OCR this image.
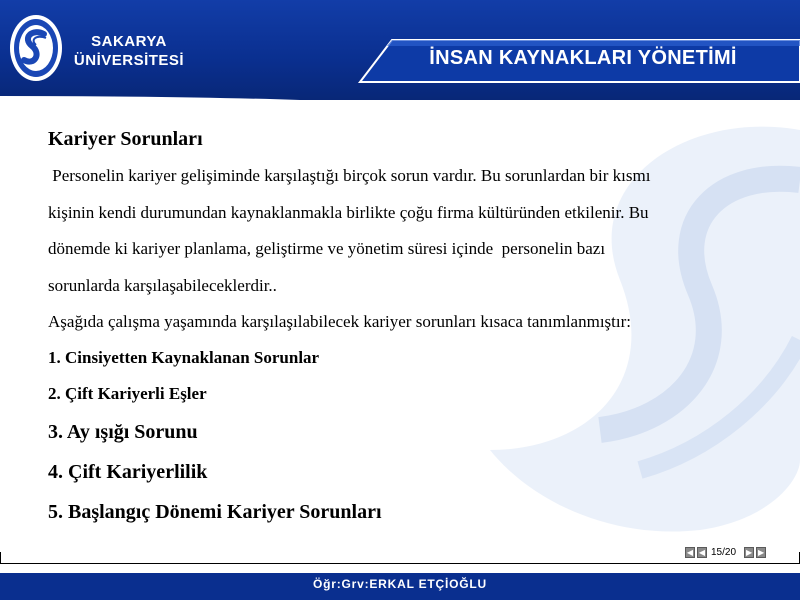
SAKARYA
ÜNİVERSİTESİ	İNSAN KAYNAKLARI YÖNETİMİ
Kariyer Sorunları

Personelin kariyer gelişiminde karşılaştığı birçok sorun vardır. Bu sorunlardan bir kısmı
kişinin kendi durumundan kaynaklanmakla birlikte çoğu firma kültüründen etkilenir. Bu
dönemde ki kariyer planlama, geliştirme ve yönetim süresi içinde  personelin bazı
sorunlarda karşılaşabileceklerdir..

Aşağıda çalışma yaşamında karşılaşılabilecek kariyer sorunları kısaca tanımlanmıştır:

1. Cinsiyetten Kaynaklanan Sorunlar

2. Çift Kariyerli Eşler

3. Ay ışığı Sorunu

4. Çift Kariyerlilik

5. Başlangıç Dönemi Kariyer Sorunları

◀ ◀ 15/20 ▶ ▶
Öğr:Grv:ERKAL ETÇİOĞLU
